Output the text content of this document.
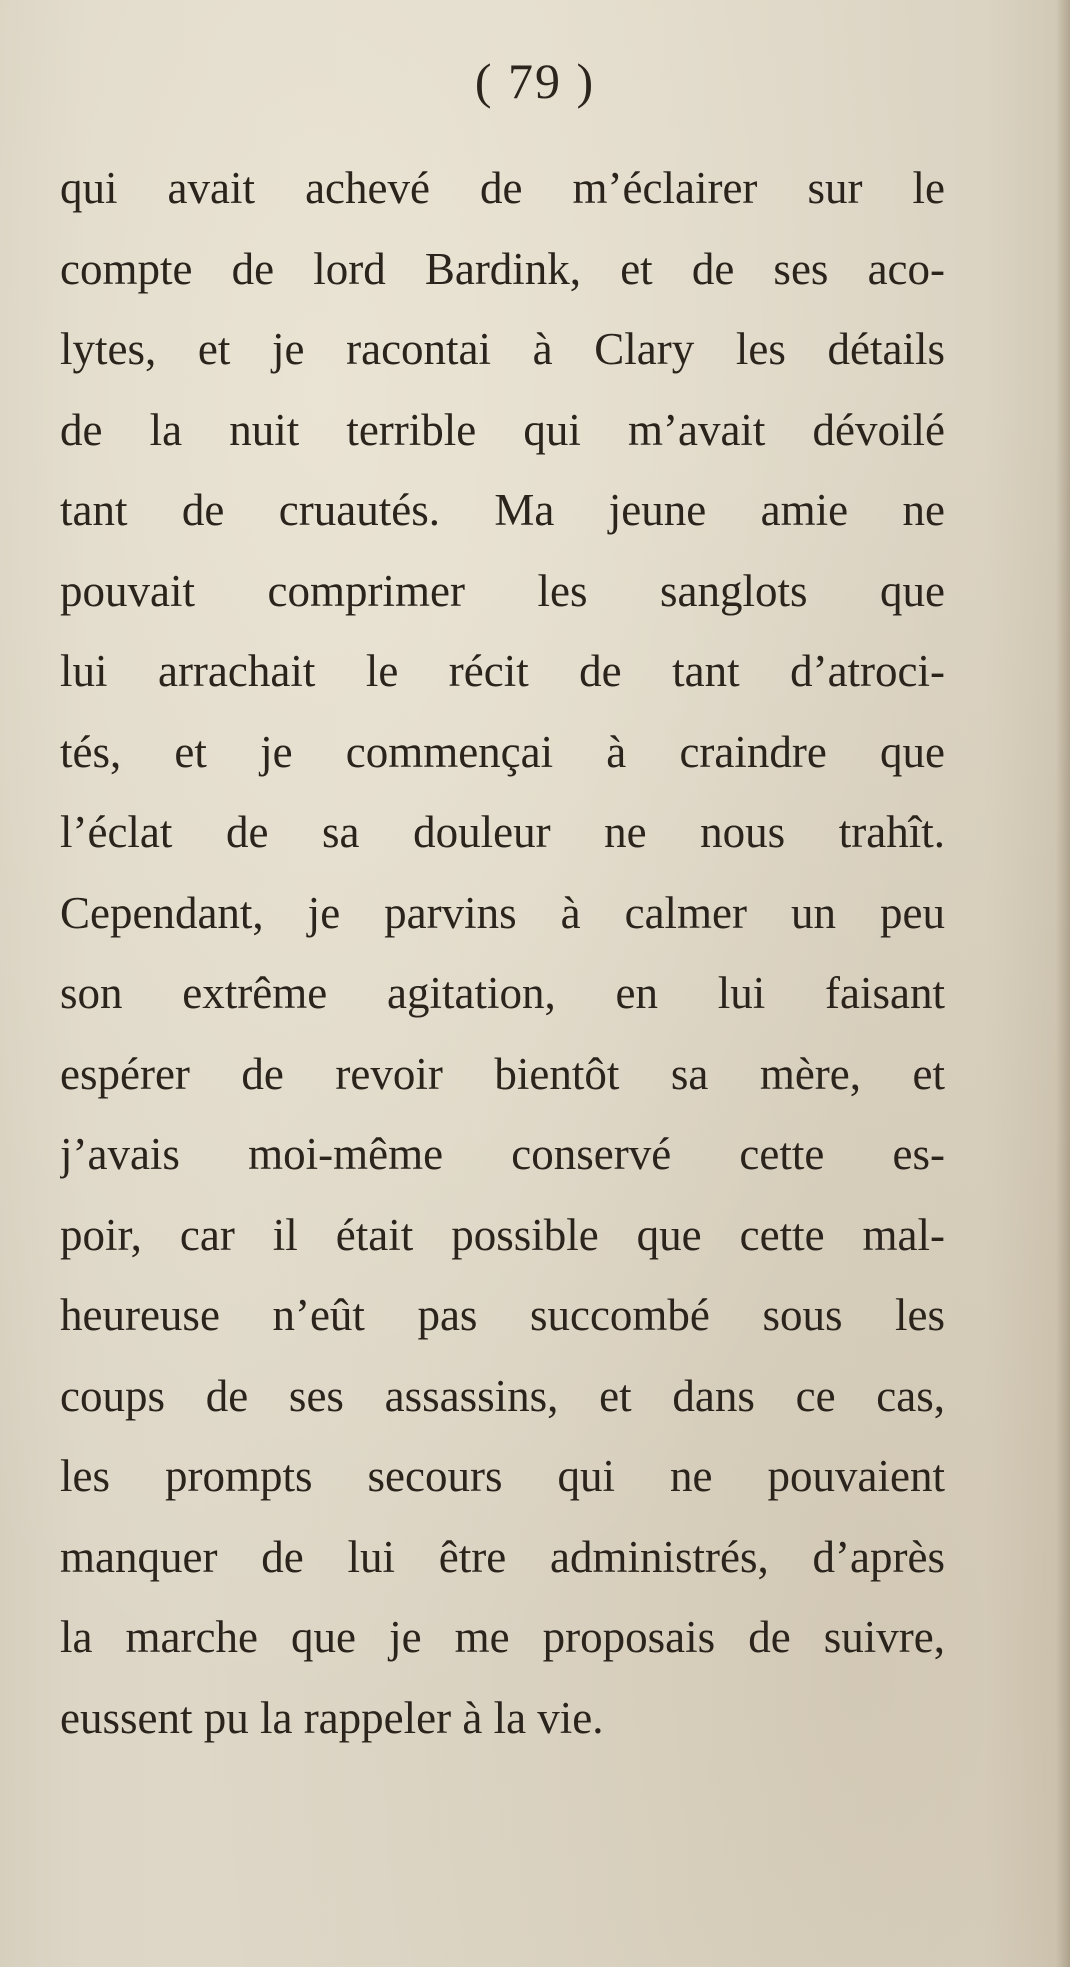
( 79 )
qui avait achevé de m’éclairer sur le
compte de lord Bardink, et de ses aco-
lytes, et je racontai à Clary les détails
de la nuit terrible qui m’avait dévoilé
tant de cruautés. Ma jeune amie ne
pouvait comprimer les sanglots que
lui arrachait le récit de tant d’atroci-
tés, et je commençai à craindre que
l’éclat de sa douleur ne nous trahît.
Cependant, je parvins à calmer un peu
son extrême agitation, en lui faisant
espérer de revoir bientôt sa mère, et
j’avais moi-même conservé cette es-
poir, car il était possible que cette mal-
heureuse n’eût pas succombé sous les
coups de ses assassins, et dans ce cas,
les prompts secours qui ne pouvaient
manquer de lui être administrés, d’après
la marche que je me proposais de suivre,
eussent pu la rappeler à la vie.
